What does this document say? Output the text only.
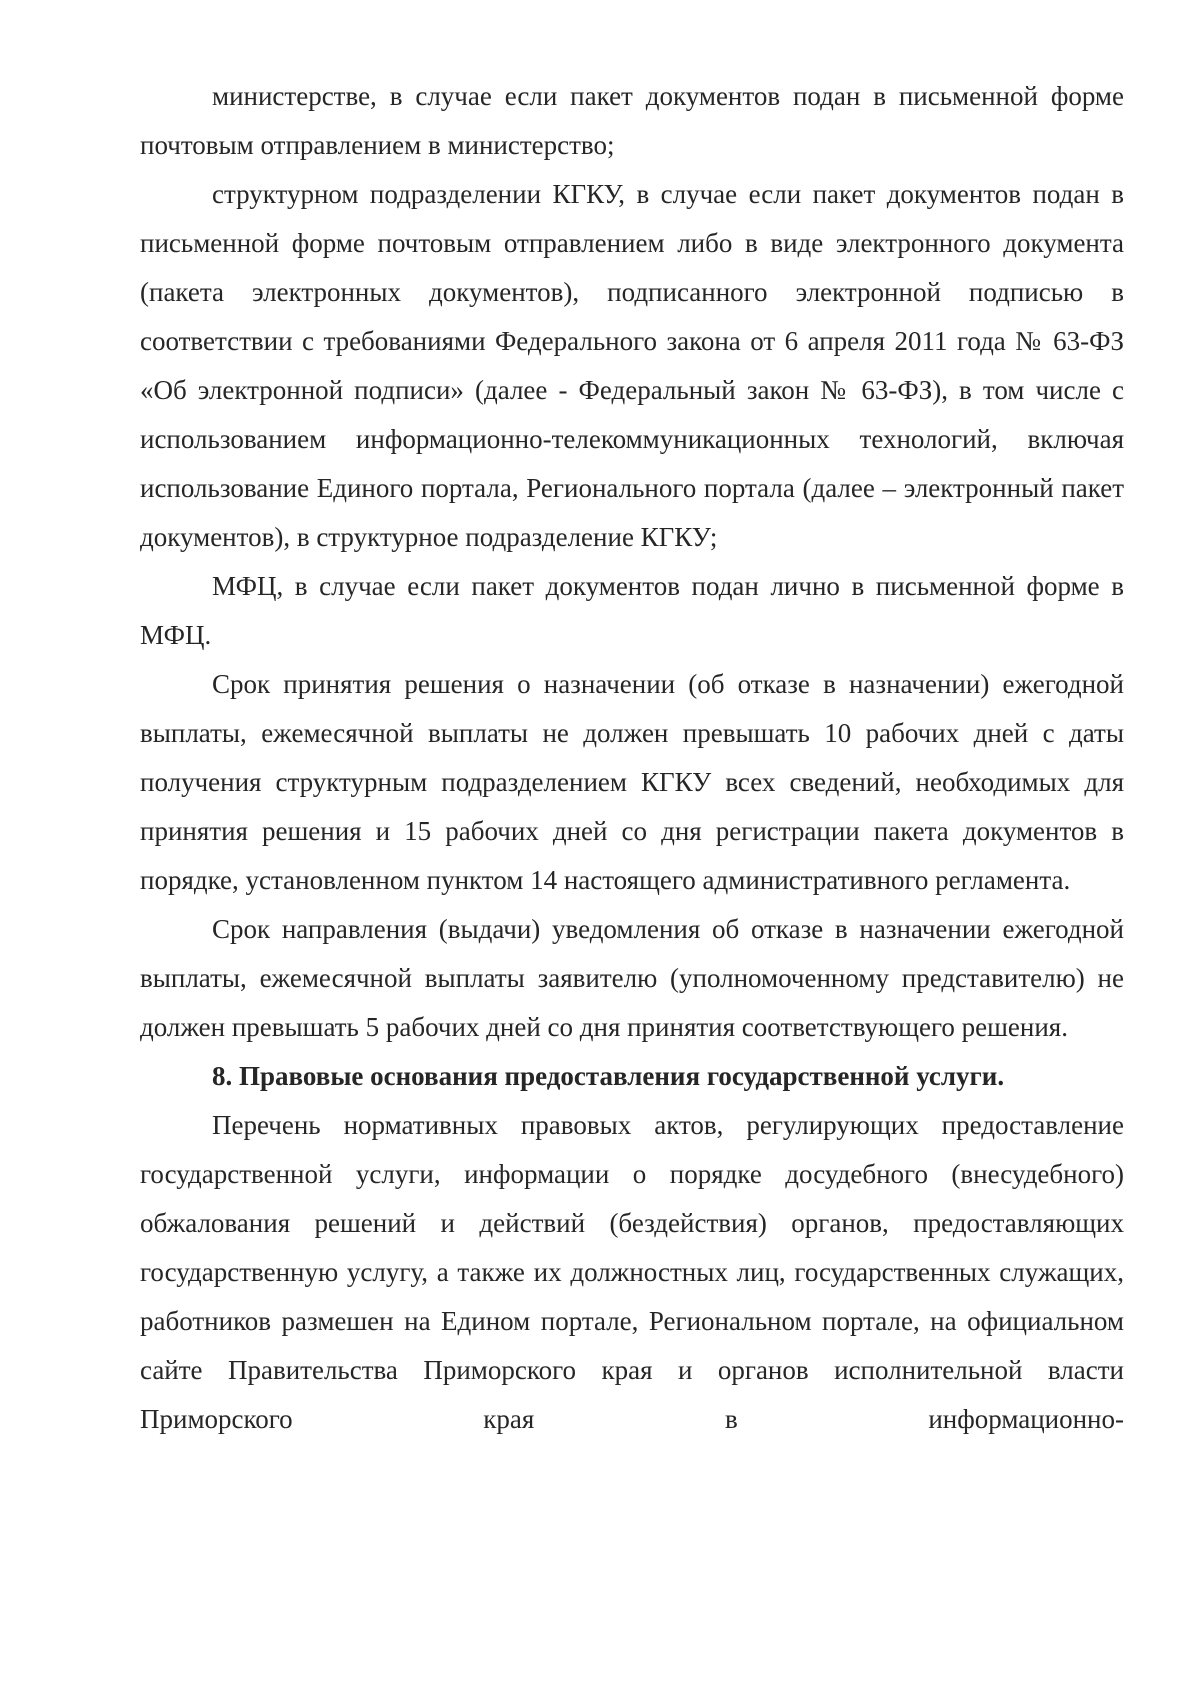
министерстве, в случае если пакет документов подан в письменной форме почтовым отправлением в министерство;

структурном подразделении КГКУ, в случае если пакет документов подан в письменной форме почтовым отправлением либо в виде электронного документа (пакета электронных документов), подписанного электронной подписью в соответствии с требованиями Федерального закона от 6 апреля 2011 года № 63-ФЗ «Об электронной подписи» (далее - Федеральный закон № 63-ФЗ), в том числе с использованием информационно-телекоммуникационных технологий, включая использование Единого портала, Регионального портала (далее – электронный пакет документов), в структурное подразделение КГКУ;

МФЦ, в случае если пакет документов подан лично в письменной форме в МФЦ.

Срок принятия решения о назначении (об отказе в назначении) ежегодной выплаты, ежемесячной выплаты не должен превышать 10 рабочих дней с даты получения структурным подразделением КГКУ всех сведений, необходимых для принятия решения и 15 рабочих дней со дня регистрации пакета документов в порядке, установленном пунктом 14 настоящего административного регламента.

Срок направления (выдачи) уведомления об отказе в назначении ежегодной выплаты, ежемесячной выплаты заявителю (уполномоченному представителю) не должен превышать 5 рабочих дней со дня принятия соответствующего решения.

8. Правовые основания предоставления государственной услуги.

Перечень нормативных правовых актов, регулирующих предоставление государственной услуги, информации о порядке досудебного (внесудебного) обжалования решений и действий (бездействия) органов, предоставляющих государственную услугу, а также их должностных лиц, государственных служащих, работников размешен на Едином портале, Региональном портале, на официальном сайте Правительства Приморского края и органов исполнительной власти Приморского края в информационно-
